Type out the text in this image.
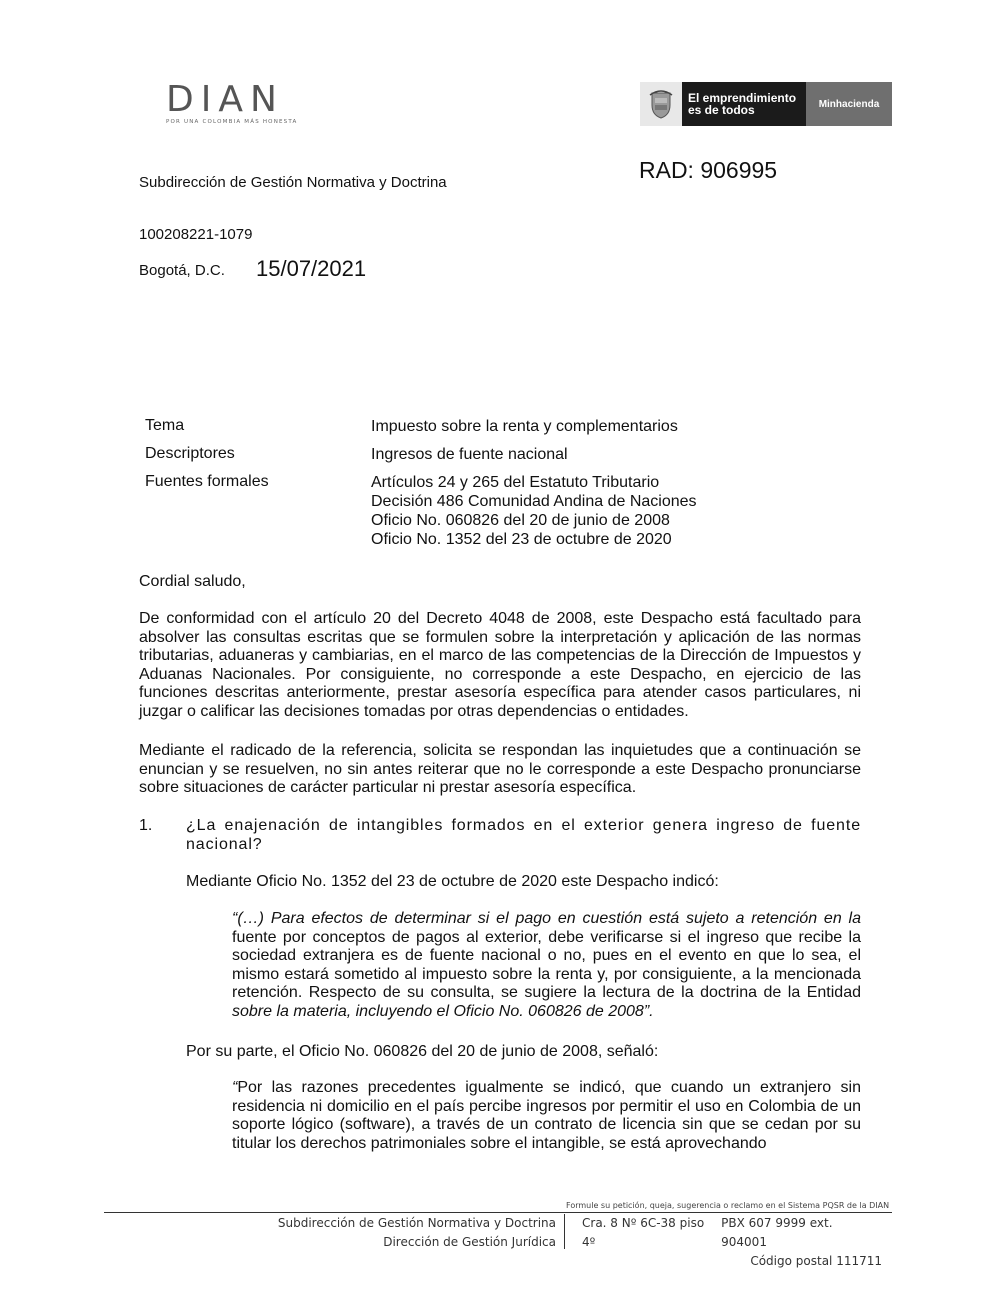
DIAN
POR UNA COLOMBIA MÁS HONESTA
El emprendimiento
es de todos	Minhacienda
Subdirección de Gestión Normativa y Doctrina	RAD: 906995
100208221-1079
Bogotá, D.C. 15/07/2021
Tema	Impuesto sobre la renta y complementarios
Descriptores	Ingresos de fuente nacional
Fuentes formales	Artículos 24 y 265 del Estatuto Tributario
Decisión 486 Comunidad Andina de Naciones
Oficio No. 060826 del 20 de junio de 2008
Oficio No. 1352 del 23 de octubre de 2020
Cordial saludo,
De conformidad con el artículo 20 del Decreto 4048 de 2008, este Despacho está facultado para absolver las consultas escritas que se formulen sobre la interpretación y aplicación de las normas tributarias, aduaneras y cambiarias, en el marco de las competencias de la Dirección de Impuestos y Aduanas Nacionales. Por consiguiente, no corresponde a este Despacho, en ejercicio de las funciones descritas anteriormente, prestar asesoría específica para atender casos particulares, ni juzgar o calificar las decisiones tomadas por otras dependencias o entidades.
Mediante el radicado de la referencia, solicita se respondan las inquietudes que a continuación se enuncian y se resuelven, no sin antes reiterar que no le corresponde a este Despacho pronunciarse sobre situaciones de carácter particular ni prestar asesoría específica.
1. ¿La enajenación de intangibles formados en el exterior genera ingreso de fuente nacional?
Mediante Oficio No. 1352 del 23 de octubre de 2020 este Despacho indicó:
“(…) Para efectos de determinar si el pago en cuestión está sujeto a retención en la fuente por conceptos de pagos al exterior, debe verificarse si el ingreso que recibe la sociedad extranjera es de fuente nacional o no, pues en el evento en que lo sea, el mismo estará sometido al impuesto sobre la renta y, por consiguiente, a la mencionada retención. Respecto de su consulta, se sugiere la lectura de la doctrina de la Entidad sobre la materia, incluyendo el Oficio No. 060826 de 2008”.
Por su parte, el Oficio No. 060826 del 20 de junio de 2008, señaló:
“Por las razones precedentes igualmente se indicó, que cuando un extranjero sin residencia ni domicilio en el país percibe ingresos por permitir el uso en Colombia de un soporte lógico (software), a través de un contrato de licencia sin que se cedan por su titular los derechos patrimoniales sobre el intangible, se está aprovechando
Formule su petición, queja, sugerencia o reclamo en el Sistema PQSR de la DIAN
Subdirección de Gestión Normativa y Doctrina
Dirección de Gestión Jurídica
Cra. 8 Nº 6C-38 piso 4º
PBX 607 9999 ext. 904001
Código postal 111711
